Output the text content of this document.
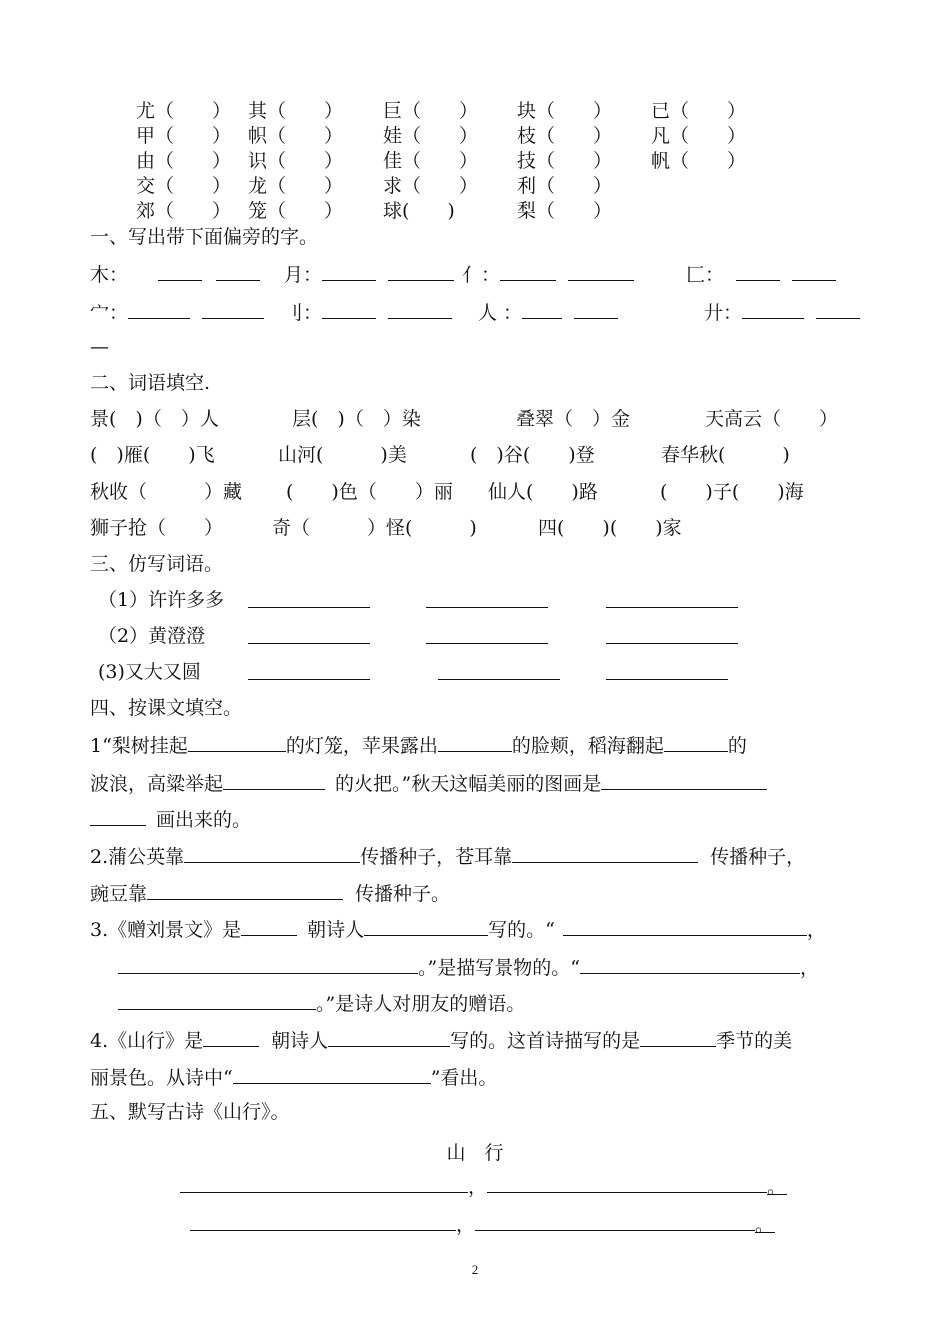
尤（　　） 其（　　） 巨（　　） 块（　　） 已（　　）
甲（　　） 帜（　　） 娃（　　） 枝（　　） 凡（　　）
由（　　） 识（　　） 佳（　　） 技（　　） 帆（　　）
交（　　） 龙（　　） 求（　　） 利（　　）
郊（　　） 笼（　　） 球(　　)	梨（　　）
一、写出带下面偏旁的字。
木：	月：	亻：	匚：
宀：	刂：	人 ：	廾：
—
二、词语填空.
景(　)（　）人	层(　)（　）染	叠翠（　）金	天高云（　　）
(　)雁(　　)飞	山河(　　　)美	(　)谷(　　)登	春华秋(　　　)
秋收（　　　）藏 (　　)色（　　）丽 仙人(　　)路	(　　)子(　　)海
狮子抢（　　）	奇（　　　）怪(　　　)	四(　　)(　　)家
三、仿写词语。
（1）许许多多
（2）黄澄澄
(3)又大又圆
四、按课文填空。
1“梨树挂起	的灯笼，苹果露出	的脸颊，稻海翻起	的
波浪，高粱举起	的火把。”秋天这幅美丽的图画是
画出来的。
2.蒲公英靠	传播种子，苍耳靠	传播种子，
豌豆靠	传播种子。
3.《赠刘景文》是	朝诗人	写的。“	，
。”是描写景物的。“	，
。”是诗人对朋友的赠语。
4.《山行》是	朝诗人	写的。这首诗描写的是	季节的美
丽景色。从诗中“	”看出。
五、默写古诗《山行》。
山　行
，	。
，	。
2
